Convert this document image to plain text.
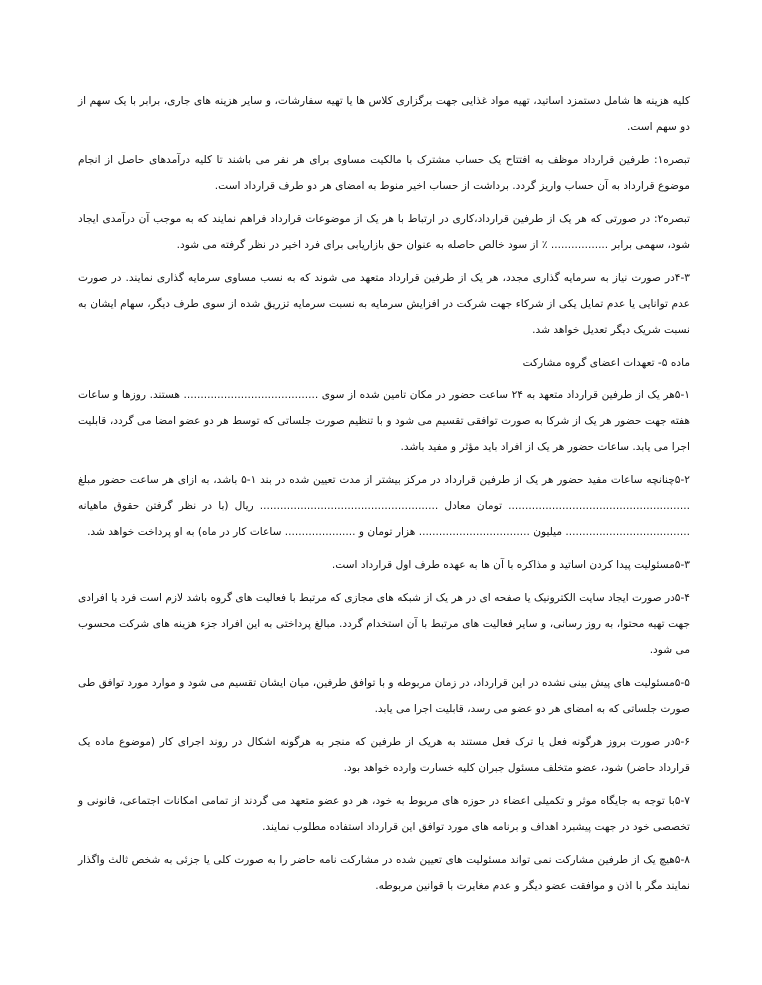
کلیه هزینه ها شامل دستمزد اساتید، تهیه مواد غذایی جهت برگزاری کلاس ها یا تهیه سفارشات، و سایر هزینه های جاری، برابر با یک سهم از دو سهم است.

تبصره۱: طرفین قرارداد موظف به افتتاح یک حساب مشترک با مالکیت مساوی برای هر نفر می باشند تا کلیه درآمدهای حاصل از انجام موضوع قرارداد به آن حساب واریز گردد. برداشت از حساب اخیر منوط به امضای هر دو طرف قرارداد است.

تبصره۲: در صورتی که هر یک از طرفین قرارداد،کاری در ارتباط با هر یک از موضوعات قرارداد فراهم نمایند که به موجب آن درآمدی ایجاد شود، سهمی برابر ................. ٪ از سود خالص حاصله به عنوان حق بازاریابی برای فرد اخیر در نظر گرفته می شود.

۴-۳در صورت نیاز به سرمایه گذاری مجدد، هر یک از طرفین قرارداد متعهد می شوند که به نسب مساوی سرمایه گذاری نمایند. در صورت عدم توانایی یا عدم تمایل یکی از شرکاء جهت شرکت در افزایش سرمایه به نسبت سرمایه تزریق شده از سوی طرف دیگر، سهام ایشان به نسبت شریک دیگر تعدیل خواهد شد.

ماده ۵- تعهدات اعضای گروه مشارکت

۵-۱هر یک از طرفین قرارداد متعهد به ۲۴ ساعت حضور در مکان تامین شده از سوی ........................................ هستند. روزها و ساعات هفته جهت حضور هر یک از شرکا به صورت توافقی تقسیم می شود و با تنظیم صورت جلساتی که توسط هر دو عضو امضا می گردد، قابلیت اجرا می یابد. ساعات حضور هر یک از افراد باید مؤثر و مفید باشد.

۵-۲چنانچه ساعات مفید حضور هر یک از طرفین قرارداد در مرکز بیشتر از مدت تعیین شده در بند ۱-۵ باشد، به ازای هر ساعت حضور مبلغ ...................................................... تومان معادل ..................................................... ریال (با در نظر گرفتن حقوق ماهیانه ..................................... میلیون ................................. هزار تومان و ..................... ساعات کار در ماه) به او پرداخت خواهد شد.

۵-۳مسئولیت پیدا کردن اساتید و مذاکره با آن ها به عهده طرف اول قرارداد است.

۵-۴در صورت ایجاد سایت الکترونیک یا صفحه ای در هر یک از شبکه های مجازی که مرتبط با فعالیت های گروه باشد لازم است فرد یا افرادی جهت تهیه محتوا، به روز رسانی، و سایر فعالیت های مرتبط با آن استخدام گردد. مبالغ پرداختی به این افراد جزء هزینه های شرکت محسوب می شود.

۵-۵مسئولیت های پیش بینی نشده در این قرارداد، در زمان مربوطه و با توافق طرفین، میان ایشان تقسیم می شود و موارد مورد توافق طی صورت جلساتی که به امضای هر دو عضو می رسد، قابلیت اجرا می یابد.

۵-۶در صورت بروز هرگونه فعل یا ترک فعل مستند به هریک از طرفین که منجر به هرگونه اشکال در روند اجرای کار (موضوع ماده یک قرارداد حاضر) شود، عضو متخلف مسئول جبران کلیه خسارت وارده خواهد بود.

۵-۷با توجه به جایگاه موثر و تکمیلی اعضاء در حوزه های مربوط به خود، هر دو عضو متعهد می گردند از تمامی امکانات اجتماعی، قانونی و تخصصی خود در جهت پیشبرد اهداف و برنامه های مورد توافق این قرارداد استفاده مطلوب نمایند.

۵-۸هیچ یک از طرفین مشارکت نمی تواند مسئولیت های تعیین شده در مشارکت نامه حاضر را به صورت کلی یا جزئی به شخص ثالث واگذار نمایند مگر با اذن و موافقت عضو دیگر و عدم مغایرت با قوانین مربوطه.
